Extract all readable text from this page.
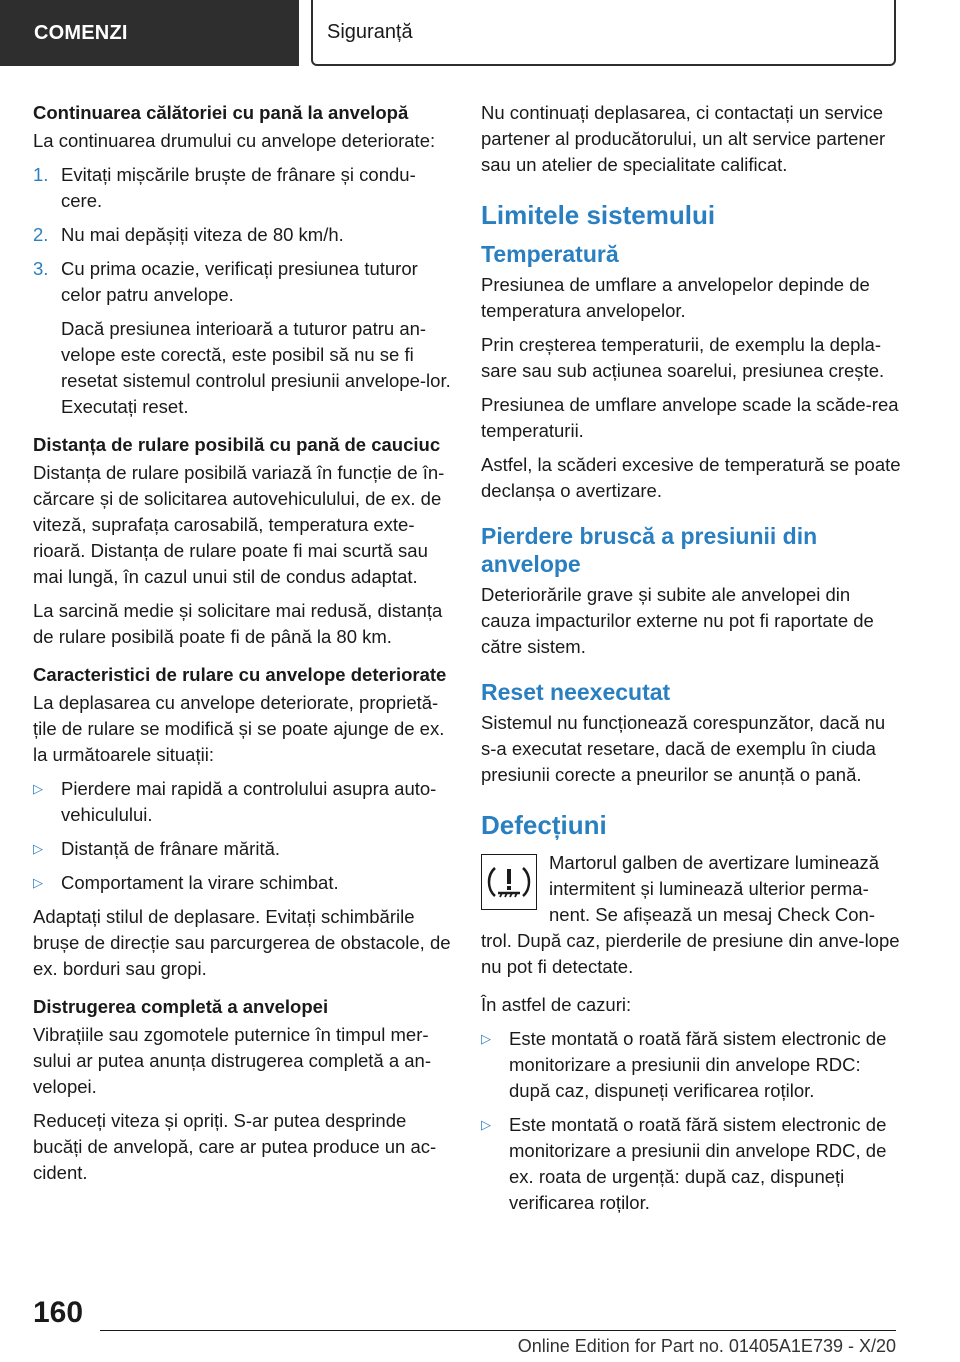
COMENZI	Siguranță
Continuarea călătoriei cu pană la anvelopă

La continuarea drumului cu anvelope deteriorate:

1. Evitați mișcările bruște de frânare și condu-cere.
2. Nu mai depășiți viteza de 80 km/h.
3. Cu prima ocazie, verificați presiunea tuturor celor patru anvelope.

Dacă presiunea interioară a tuturor patru an-velope este corectă, este posibil să nu se fi resetat sistemul controlul presiunii anvelope-lor. Executați reset.

Distanța de rulare posibilă cu pană de cauciuc

Distanța de rulare posibilă variază în funcție de în-cărcare și de solicitarea autovehiculului, de ex. de viteză, suprafața carosabilă, temperatura exte-rioară. Distanța de rulare poate fi mai scurtă sau mai lungă, în cazul unui stil de condus adaptat.

La sarcină medie și solicitare mai redusă, distanța de rulare posibilă poate fi de până la 80 km.

Caracteristici de rulare cu anvelope deteriorate

La deplasarea cu anvelope deteriorate, proprietă-țile de rulare se modifică și se poate ajunge de ex. la următoarele situații:

▷ Pierdere mai rapidă a controlului asupra auto-vehiculului.
▷ Distanță de frânare mărită.
▷ Comportament la virare schimbat.

Adaptați stilul de deplasare. Evitați schimbările brușe de direcție sau parcurgerea de obstacole, de ex. borduri sau gropi.

Distrugerea completă a anvelopei

Vibrațiile sau zgomotele puternice în timpul mer-sului ar putea anunța distrugerea completă a an-velopei.

Reduceți viteza și opriți. S-ar putea desprinde bucăți de anvelopă, care ar putea produce un ac-cident.

Nu continuați deplasarea, ci contactați un service partener al producătorului, un alt service partener sau un atelier de specialitate calificat.

Limitele sistemului
Temperatură

Presiunea de umflare a anvelopelor depinde de temperatura anvelopelor.

Prin creșterea temperaturii, de exemplu la depla-sare sau sub acțiunea soarelui, presiunea crește.

Presiunea de umflare anvelope scade la scăde-rea temperaturii.

Astfel, la scăderi excesive de temperatură se poate declanșa o avertizare.

Pierdere bruscă a presiunii din anvelope

Deteriorările grave și subite ale anvelopei din cauza impacturilor externe nu pot fi raportate de către sistem.

Reset neexecutat

Sistemul nu funcționează corespunzător, dacă nu s-a executat resetare, dacă de exemplu în ciuda presiunii corecte a pneurilor se anunță o pană.

Defecțiuni

Martorul galben de avertizare luminează intermitent și luminează ulterior perma-nent. Se afișează un mesaj Check Con-trol. După caz, pierderile de presiune din anve-lope nu pot fi detectate.

În astfel de cazuri:

▷ Este montată o roată fără sistem electronic de monitorizare a presiunii din anvelope RDC: după caz, dispuneți verificarea roților.
▷ Este montată o roată fără sistem electronic de monitorizare a presiunii din anvelope RDC, de ex. roata de urgență: după caz, dispuneți verificarea roților.
160
Online Edition for Part no. 01405A1E739 - X/20
